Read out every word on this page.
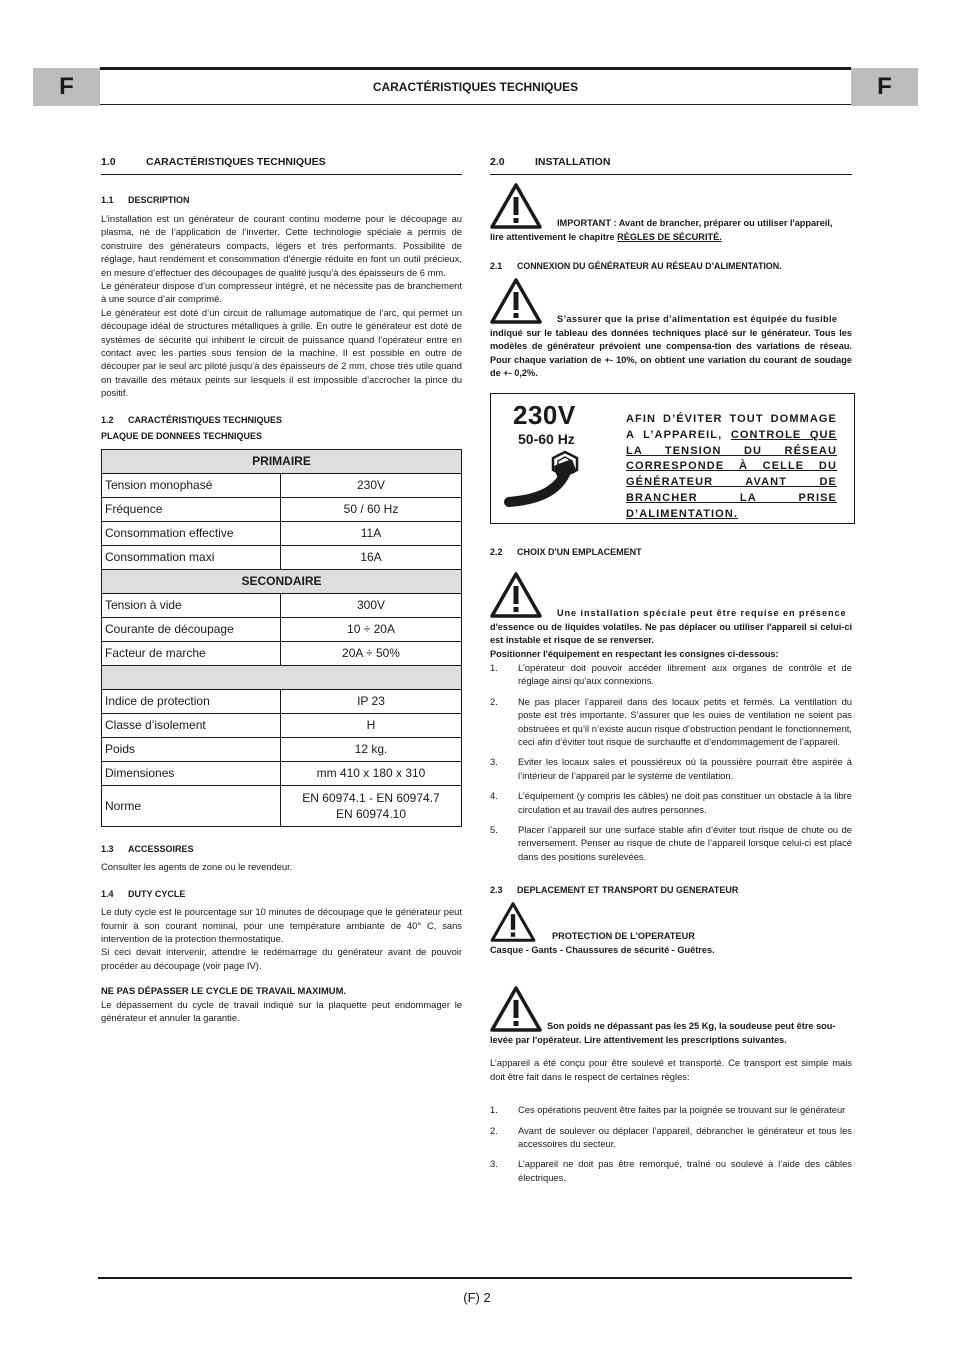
F	CARACTÉRISTIQUES TECHNIQUES	F
1.0	CARACTÉRISTIQUES TECHNIQUES
1.1 DESCRIPTION

L’installation est un générateur de courant continu moderne pour le découpage au plasma, né de l’application de l’inverter. Cette technologie spéciale a permis de construire des générateurs compacts, légers et très performants. Possibilité de réglage, haut rendement et consommation d’énergie réduite en font un outil précieux, en mesure d’effectuer des découpages de qualité jusqu’à des épaisseurs de 6 mm.

Le générateur dispose d’un compresseur intégré, et ne nécessite pas de branchement à une source d’air comprimé.

Le générateur est doté d’un circuit de rallumage automatique de l’arc, qui permet un découpage idéal de structures métalliques à grille. En outre le générateur est doté de systèmes de sécurité qui inhibent le circuit de puissance quand l’opérateur entre en contact avec les parties sous tension de la machine. Il est possible en outre de découper par le seul arc piloté jusqu’à des épaisseurs de 2 mm, chose très utile quand on travaille des métaux peints sur lesquels il est impossible d’accrocher la pince du positif.

1.2 CARACTÉRISTIQUES TECHNIQUES
PLAQUE DE DONNEES TECHNIQUES
PRIMAIRE	
Tension monophasé	230V
Fréquence	50 / 60 Hz
Consommation effective	11A
Consommation maxi	16A
SECONDAIRE	
Tension à vide	300V
Courante de découpage	10 ÷ 20A
Facteur de marche	20A ÷ 50%

Indice de protection	IP 23
Classe d’isolement	H
Poids	12 kg.
Dimensiones	mm 410 x 180 x 310
Norme	EN 60974.1 - EN 60974.7
EN 60974.10
1.3 ACCESSOIRES

Consulter les agents de zone ou le revendeur.

1.4 DUTY CYCLE

Le duty cycle est le pourcentage sur 10 minutes de découpage que le générateur peut fournir à son courant nominal, pour une température ambiante de 40° C, sans intervention de la protection thermostatique.

Si ceci devait intervenir, attendre le redémarrage du générateur avant de pouvoir procéder au découpage (voir page IV).

NE PAS DÉPASSER LE CYCLE DE TRAVAIL MAXIMUM.

Le dépassement du cycle de travail indiqué sur la plaquette peut endommager le générateur et annuler la garantie.

2.0	INSTALLATION
IMPORTANT : Avant de brancher, préparer ou utiliser l'appareil,
lire attentivement le chapitre RÈGLES DE SÉCURITÉ.
2.1 CONNEXION DU GÉNÉRATEUR AU RÉSEAU D’ALIMENTATION.
S’assurer que la prise d’alimentation est équipée du fusible
indiqué sur le tableau des données techniques placé sur le générateur. Tous les modèles de générateur prévoient une compensa-tion des variations de réseau. Pour chaque variation de +- 10%, on obtient une variation du courant de soudage de +- 0,2%.
230V
50-60 Hz
AFIN D’ÉVITER TOUT DOMMAGE A L’APPAREIL, CONTROLE QUE LA TENSION DU RÉSEAU CORRESPONDE À CELLE DU GÉNÉRATEUR AVANT DE BRANCHER LA PRISE D’ALIMENTATION.
2.2 CHOIX D'UN EMPLACEMENT
Une installation spéciale peut être requise en présence
d'essence ou de liquides volatiles. Ne pas déplacer ou utiliser l'appareil si celui-ci est instable et risque de se renverser.
Positionner l'équipement en respectant les consignes ci-dessous:
1. L’opérateur doit pouvoir accéder librement aux organes de contrôle et de réglage ainsi qu’aux connexions.
2. Ne pas placer l’appareil dans des locaux petits et fermés. La ventilation du poste est très importante. S’assurer que les ouies de ventilation ne soient pas obstruées et qu’il n’existe aucun risque d’obstruction pendant le fonctionnement, ceci afin d’éviter tout risque de surchauffe et d’endommagement de l’appareil.
3. Eviter les locaux sales et poussiéreux où la poussière pourrait être aspirée à l’intérieur de l’appareil par le système de ventilation.
4. L’équipement (y compris les câbles) ne doit pas constituer un obstacle à la libre circulation et au travail des autres personnes.
5. Placer l’appareil sur une surface stable afin d’éviter tout risque de chute ou de renversement. Penser au risque de chute de l’appareil lorsque celui-ci est placé dans des positions surélevées.
2.3 DEPLACEMENT ET TRANSPORT DU GENERATEUR
PROTECTION DE L'OPERATEUR
Casque - Gants - Chaussures de sécurité - Guêtres.
Son poids ne dépassant pas les 25 Kg, la soudeuse peut être sou-
levée par l'opérateur. Lire attentivement les prescriptions suivantes.

L’appareil a été conçu pour être soulevé et transporté. Ce transport est simple mais doit être fait dans le respect de certaines règles:

1. Ces opérations peuvent être faites par la poignée se trouvant sur le générateur
2. Avant de soulever ou déplacer l’appareil, débrancher le générateur et tous les accessoires du secteur.
3. L’appareil ne doit pas être remorqué, traîné ou soulevé à l’aide des câbles électriques.
(F) 2
